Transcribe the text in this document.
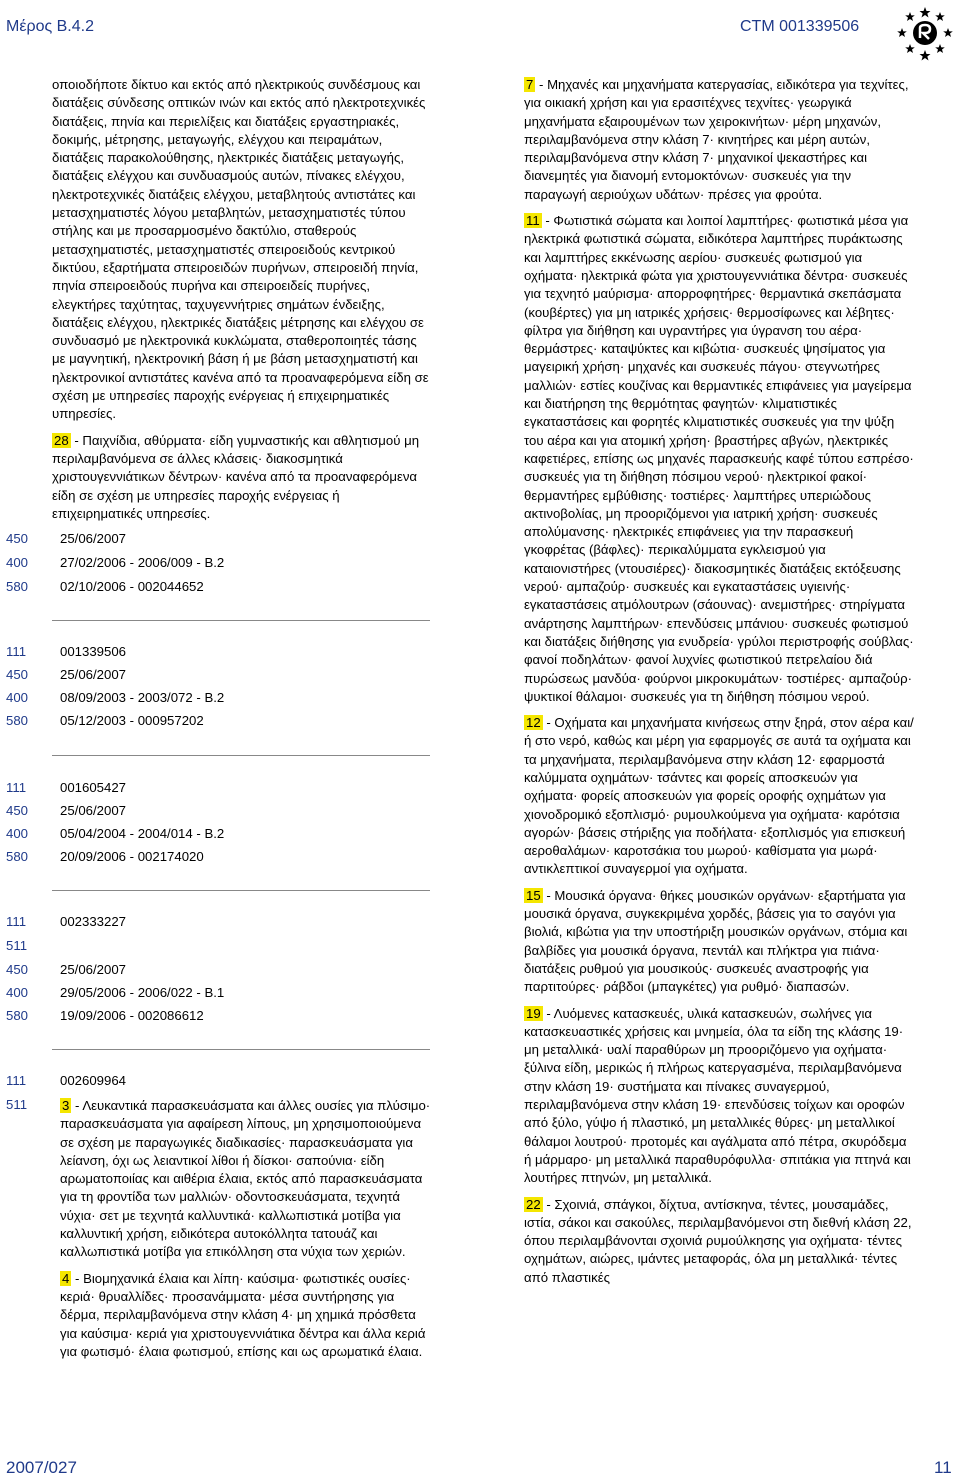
Μέρος B.4.2	CTM 001339506

οποιοδήποτε δίκτυο και εκτός από ηλεκτρικούς συνδέσμους και διατάξεις σύνδεσης οπτικών ινών και εκτός από ηλεκτροτεχνικές διατάξεις, πηνία και περιελίξεις και διατάξεις εργαστηριακές, δοκιμής, μέτρησης, μεταγωγής, ελέγχου και πειραμάτων, διατάξεις παρακολούθησης, ηλεκτρικές διατάξεις μεταγωγής, διατάξεις ελέγχου και συνδυασμούς αυτών, πίνακες ελέγχου, ηλεκτροτεχνικές διατάξεις ελέγχου, μεταβλητούς αντιστάτες και μετασχηματιστές λόγου μεταβλητών, μετασχηματιστές τύπου στήλης και με προσαρμοσμένο δακτύλιο, σταθερούς μετασχηματιστές, μετασχηματιστές σπειροειδούς κεντρικού δικτύου, εξαρτήματα σπειροειδών πυρήνων, σπειροειδή πηνία, πηνία σπειροειδούς πυρήνα και σπειροειδείς πυρήνες, ελεγκτήρες ταχύτητας, ταχυγεννήτριες σημάτων ένδειξης, διατάξεις ελέγχου, ηλεκτρικές διατάξεις μέτρησης και ελέγχου σε συνδυασμό με ηλεκτρονικά κυκλώματα, σταθεροποιητές τάσης με μαγνητική, ηλεκτρονική βάση ή με βάση μετασχηματιστή και ηλεκτρονικοί αντιστάτες κανένα από τα προαναφερόμενα είδη σε σχέση με υπηρεσίες παροχής ενέργειας ή επιχειρηματικές υπηρεσίες.

28 - Παιχνίδια, αθύρματα· είδη γυμναστικής και αθλητισμού μη περιλαμβανόμενα σε άλλες κλάσεις· διακοσμητικά χριστουγεννιάτικων δέντρων· κανένα από τα προαναφερόμενα είδη σε σχέση με υπηρεσίες παροχής ενέργειας ή επιχειρηματικές υπηρεσίες.

450 25/06/2007
400 27/02/2006 - 2006/009 - B.2
580 02/10/2006 - 002044652
111	001339506
450 25/06/2007
400 08/09/2003 - 2003/072 - B.2
580 05/12/2003 - 000957202
111	001605427
450 25/06/2007
400 05/04/2004 - 2004/014 - B.2
580 20/09/2006 - 002174020
111	002333227
511
450 25/06/2007
400 29/05/2006 - 2006/022 - B.1
580 19/09/2006 - 002086612
111	002609964
511	3 - Λευκαντικά παρασκευάσματα και άλλες ουσίες για πλύσιμο· παρασκευάσματα για αφαίρεση λίπους, μη χρησιμοποιούμενα σε σχέση με παραγωγικές διαδικασίες· παρασκευάσματα για λείανση, όχι ως λειαντικοί λίθοι ή δίσκοι· σαπούνια· είδη αρωματοποιίας και αιθέρια έλαια, εκτός από παρασκευάσματα για τη φροντίδα των μαλλιών· οδοντοσκευάσματα, τεχνητά νύχια· σετ με τεχνητά καλλυντικά· καλλωπιστικά μοτίβα για καλλυντική χρήση, ειδικότερα αυτοκόλλητα τατουάζ και καλλωπιστικά μοτίβα για επικόλληση στα νύχια των χεριών.

4 - Βιομηχανικά έλαια και λίπη· καύσιμα· φωτιστικές ουσίες· κεριά· θρυαλλίδες· προσανάμματα· μέσα συντήρησης για δέρμα, περιλαμβανόμενα στην κλάση 4· μη χημικά πρόσθετα για καύσιμα· κεριά για χριστουγεννιάτικα δέντρα και άλλα κεριά για φωτισμό· έλαια φωτισμού, επίσης και ως αρωματικά έλαια.

7 - Μηχανές και μηχανήματα κατεργασίας, ειδικότερα για τεχνίτες, για οικιακή χρήση και για ερασιτέχνες τεχνίτες· γεωργικά μηχανήματα εξαιρουμένων των χειροκινήτων· μέρη μηχανών, περιλαμβανόμενα στην κλάση 7· κινητήρες και μέρη αυτών, περιλαμβανόμενα στην κλάση 7· μηχανικοί ψεκαστήρες και διανεμητές για διανομή εντομοκτόνων· συσκευές για την παραγωγή αεριούχων υδάτων· πρέσες για φρούτα.

11 - Φωτιστικά σώματα και λοιποί λαμπτήρες· φωτιστικά μέσα για ηλεκτρικά φωτιστικά σώματα, ειδικότερα λαμπτήρες πυράκτωσης και λαμπτήρες εκκένωσης αερίου· συσκευές φωτισμού για οχήματα· ηλεκτρικά φώτα για χριστουγεννιάτικα δέντρα· συσκευές για τεχνητό μαύρισμα· απορροφητήρες· θερμαντικά σκεπάσματα (κουβέρτες) για μη ιατρικές χρήσεις· θερμοσίφωνες και λέβητες· φίλτρα για διήθηση και υγραντήρες για ύγρανση του αέρα· θερμάστρες· καταψύκτες και κιβώτια· συσκευές ψησίματος για μαγειρική χρήση· μηχανές και συσκευές πάγου· στεγνωτήρες μαλλιών· εστίες κουζίνας και θερμαντικές επιφάνειες για μαγείρεμα και διατήρηση της θερμότητας φαγητών· κλιματιστικές εγκαταστάσεις και φορητές κλιματιστικές συσκευές για την ψύξη του αέρα και για ατομική χρήση· βραστήρες αβγών, ηλεκτρικές καφετιέρες, επίσης ως μηχανές παρασκευής καφέ τύπου εσπρέσο· συσκευές για τη διήθηση πόσιμου νερού· ηλεκτρικοί φακοί· θερμαντήρες εμβύθισης· τοστιέρες· λαμπτήρες υπεριώδους ακτινοβολίας, μη προοριζόμενοι για ιατρική χρήση· συσκευές απολύμανσης· ηλεκτρικές επιφάνειες για την παρασκευή γκοφρέτας (βάφλες)· περικαλύμματα εγκλεισμού για καταιονιστήρες (ντουσιέρες)· διακοσμητικές διατάξεις εκτόξευσης νερού· αμπαζούρ· συσκευές και εγκαταστάσεις υγιεινής· εγκαταστάσεις ατμόλουτρων (σάουνας)· ανεμιστήρες· στηρίγματα ανάρτησης λαμπτήρων· επενδύσεις μπάνιου· συσκευές φωτισμού και διατάξεις διήθησης για ενυδρεία· γρύλοι περιστροφής σούβλας· φανοί ποδηλάτων· φανοί λυχνίες φωτιστικού πετρελαίου διά πυρώσεως μανδύα· φούρνοι μικροκυμάτων· τοστιέρες· αμπαζούρ· ψυκτικοί θάλαμοι· συσκευές για τη διήθηση πόσιμου νερού.

12 - Οχήματα και μηχανήματα κινήσεως στην ξηρά, στον αέρα και/ ή στο νερό, καθώς και μέρη για εφαρμογές σε αυτά τα οχήματα και τα μηχανήματα, περιλαμβανόμενα στην κλάση 12· εφαρμοστά καλύμματα οχημάτων· τσάντες και φορείς αποσκευών για οχήματα· φορείς αποσκευών για φορείς οροφής οχημάτων για χιονοδρομικό εξοπλισμό· ρυμουλκούμενα για οχήματα· καρότσια αγορών· βάσεις στήριξης για ποδήλατα· εξοπλισμός για επισκευή αεροθαλάμων· καροτσάκια του μωρού· καθίσματα για μωρά· αντικλεπτικοί συναγερμοί για οχήματα.

15 - Μουσικά όργανα· θήκες μουσικών οργάνων· εξαρτήματα για μουσικά όργανα, συγκεκριμένα χορδές, βάσεις για το σαγόνι για βιολιά, κιβώτια για την υποστήριξη μουσικών οργάνων, στόμια και βαλβίδες για μουσικά όργανα, πεντάλ και πλήκτρα για πιάνα· διατάξεις ρυθμού για μουσικούς· συσκευές αναστροφής για παρτιτούρες· ράβδοι (μπαγκέτες) για ρυθμό· διαπασών.

19 - Λυόμενες κατασκευές, υλικά κατασκευών, σωλήνες για κατασκευαστικές χρήσεις και μνημεία, όλα τα είδη της κλάσης 19· μη μεταλλικά· υαλί παραθύρων μη προοριζόμενο για οχήματα· ξύλινα είδη, μερικώς ή πλήρως κατεργασμένα, περιλαμβανόμενα στην κλάση 19· συστήματα και πίνακες συναγερμού, περιλαμβανόμενα στην κλάση 19· επενδύσεις τοίχων και οροφών από ξύλο, γύψο ή πλαστικό, μη μεταλλικές θύρες· μη μεταλλικοί θάλαμοι λουτρού· προτομές και αγάλματα από πέτρα, σκυρόδεμα ή μάρμαρο· μη μεταλλικά παραθυρόφυλλα· σπιτάκια για πτηνά και λουτήρες πτηνών, μη μεταλλικά.

22 - Σχοινιά, σπάγκοι, δίχτυα, αντίσκηνα, τέντες, μουσαμάδες, ιστία, σάκοι και σακούλες, περιλαμβανόμενοι στη διεθνή κλάση 22, όπου περιλαμβάνονται σχοινιά ρυμούλκησης για οχήματα· τέντες οχημάτων, αιώρες, ιμάντες μεταφοράς, όλα μη μεταλλικά· τέντες από πλαστικές

2007/027	11
